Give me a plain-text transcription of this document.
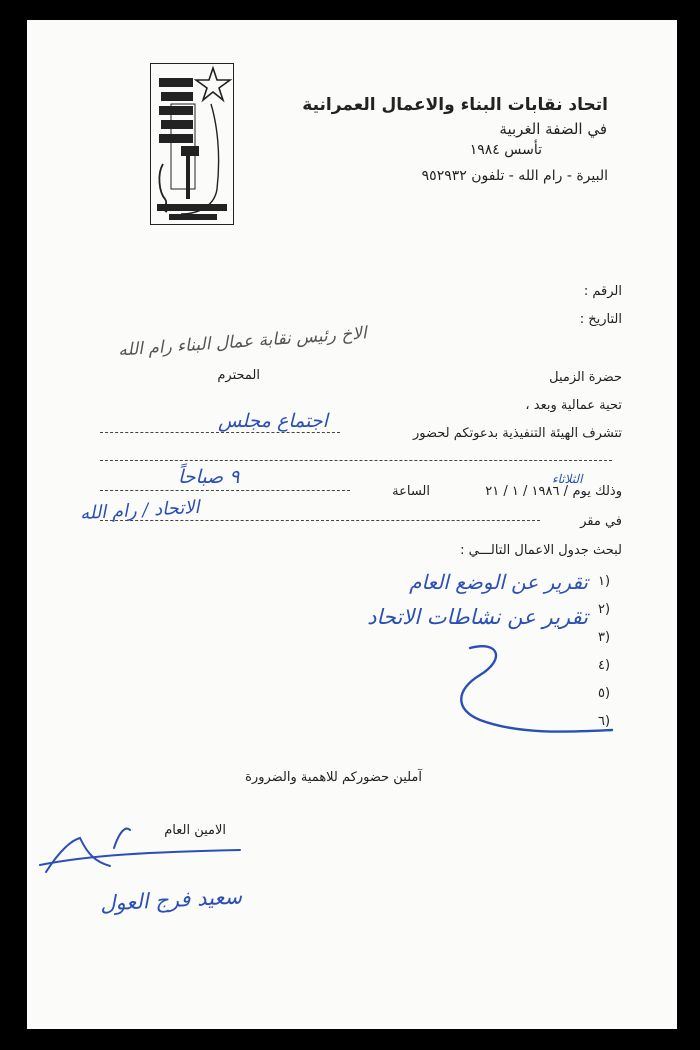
اتحاد نقابات البناء والاعمال العمرانية
في الضفة الغربية
تأسس ١٩٨٤
البيرة - رام الله - تلفون ٩٥٢٩٣٢
الرقم :
التاريخ :
الاخ رئيس نقابة عمال البناء رام الله
حضرة الزميل
المحترم
تحية عمالية وبعد ،
تتشرف الهيئة التنفيذية بدعوتكم لحضور
اجتماع مجلس
وذلك يوم
/ ١٩٨٦ / ١ / ٢١
الساعة
٩ صباحاً	الثلاثاء
في مقر
الاتحاد / رام الله
لبحث جدول الاعمال التالـــي :
١)
٢)
٣)
٤)
٥)
٦)
تقرير عن الوضع العام
تقرير عن نشاطات الاتحاد
آملين حضوركم للاهمية والضرورة
الامين العام
سعيد فرج العول
